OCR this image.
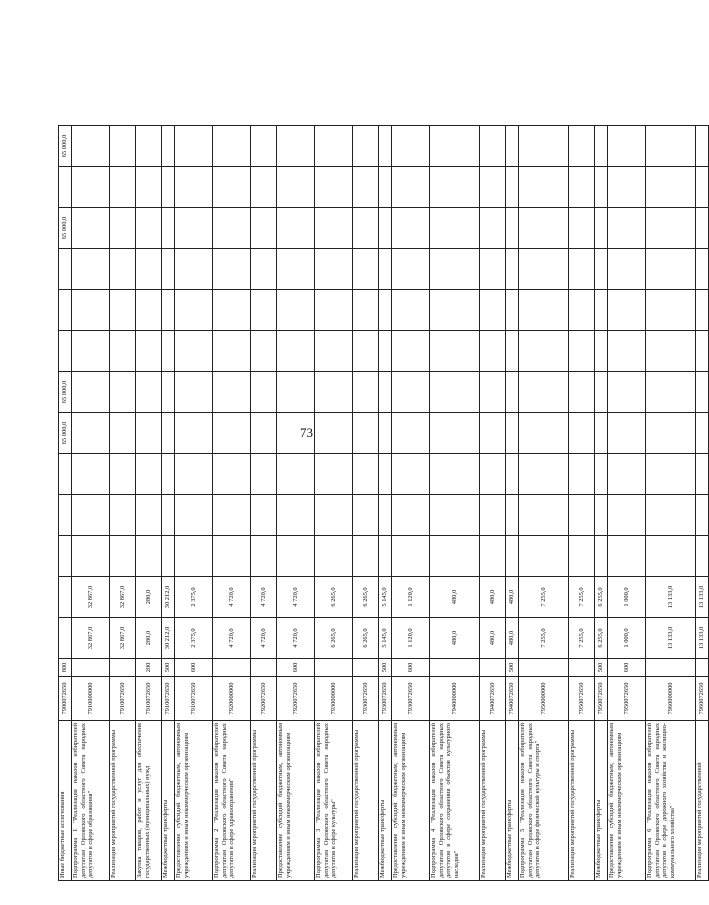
73
Иные бюджетные ассигнования	7900072650	800						65 000,0	65 000,0				65 000,0		65 000,0
Подпрограмма 1 "Реализация наказов избирателей депутатам Орловского областного Совета народных депутатов в сфере образования"	7910000000		32 867,0	32 867,0											
Реализация мероприятий государственной программы	7910072650		32 867,0	32 867,0											
Закупка товаров, работ и услуг для обеспечения государственных (муниципальных) нужд	7910072650	200	280,0	280,0											
Межбюджетные трансферты	7910072650	500	30 212,0	30 212,0											
Предоставление субсидий бюджетным, автономным учреждениям и иным некоммерческим организациям	7910072650	600	2 375,0	2 375,0											
Подпрограмма 2 "Реализация наказов избирателей депутатам Орловского областного Совета народных депутатов в сфере здравоохранения"	7920000000		4 720,0	4 720,0											
Реализация мероприятий государственной программы	7920072650		4 720,0	4 720,0											
Предоставление субсидий бюджетным, автономным учреждениям и иным некоммерческим организациям	7920072650	600	4 720,0	4 720,0											
Подпрограмма 3 "Реализация наказов избирателей депутатам Орловского областного Совета народных депутатов в сфере культуры"	7930000000		6 265,0	6 265,0											
Реализация мероприятий государственной программы	7930072650		6 265,0	6 265,0											
Межбюджетные трансферты	7930072650	500	5 145,0	5 145,0											
Предоставление субсидий бюджетным, автономным учреждениям и иным некоммерческим организациям	7930072650	600	1 120,0	1 120,0											
Подпрограмма 4 "Реализация наказов избирателей депутатам Орловского областного Совета народных депутатов в сфере сохранения объектов культурного наследия"	7940000000		480,0	480,0											
Реализация мероприятий государственной программы	7940072650		480,0	480,0											
Межбюджетные трансферты	7940072650	500	480,0	480,0											
Подпрограмма 5 "Реализация наказов избирателей депутатам Орловского областного Совета народных депутатов в сфере физической культуры и спорта"	7950000000		7 255,0	7 255,0											
Реализация мероприятий государственной программы	7950072650		7 255,0	7 255,0											
Межбюджетные трансферты	7950072650	500	6 255,0	6 255,0											
Предоставление субсидий бюджетным, автономным учреждениям и иным некоммерческим организациям	7950072650	600	1 000,0	1 000,0											
Подпрограмма 6 "Реализация наказов избирателей депутатам Орловского областного Совета народных депутатов в сфере дорожного хозяйства и жилищно-коммунального хозяйства"	7960000000		13 133,0	13 133,0											
Реализация мероприятий государственной	7960072650		13 133,0	13 133,0											
